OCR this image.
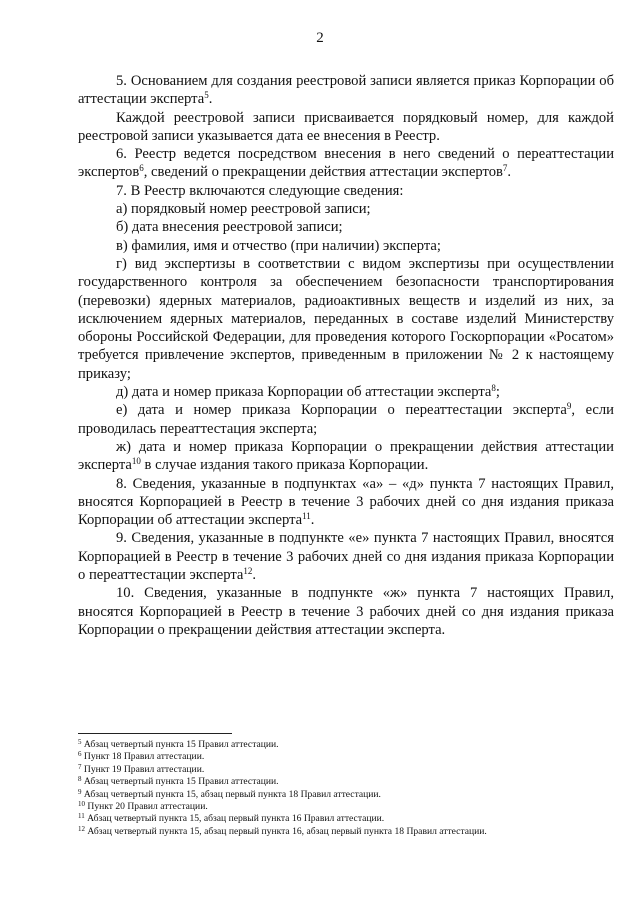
2

5. Основанием для создания реестровой записи является приказ Корпорации об аттестации эксперта$^5$.

Каждой реестровой записи присваивается порядковый номер, для каждой реестровой записи указывается дата ее внесения в Реестр.

6. Реестр ведется посредством внесения в него сведений о переаттестации экспертов$^6$, сведений о прекращении действия аттестации экспертов$^7$.

7. В Реестр включаются следующие сведения:

а) порядковый номер реестровой записи;

б) дата внесения реестровой записи;

в) фамилия, имя и отчество (при наличии) эксперта;

г) вид экспертизы в соответствии с видом экспертизы при осуществлении государственного контроля за обеспечением безопасности транспортирования (перевозки) ядерных материалов, радиоактивных веществ и изделий из них, за исключением ядерных материалов, переданных в составе изделий Министерству обороны Российской Федерации, для проведения которого Госкорпорации «Росатом» требуется привлечение экспертов, приведенным в приложении № 2 к настоящему приказу;

д) дата и номер приказа Корпорации об аттестации эксперта$^8$;

е) дата и номер приказа Корпорации о переаттестации эксперта$^9$, если проводилась переаттестация эксперта;

ж) дата и номер приказа Корпорации о прекращении действия аттестации эксперта$^{10}$ в случае издания такого приказа Корпорации.

8. Сведения, указанные в подпунктах «а» – «д» пункта 7 настоящих Правил, вносятся Корпорацией в Реестр в течение 3 рабочих дней со дня издания приказа Корпорации об аттестации эксперта$^{11}$.

9. Сведения, указанные в подпункте «е» пункта 7 настоящих Правил, вносятся Корпорацией в Реестр в течение 3 рабочих дней со дня издания приказа Корпорации о переаттестации эксперта$^{12}$.

10. Сведения, указанные в подпункте «ж» пункта 7 настоящих Правил, вносятся Корпорацией в Реестр в течение 3 рабочих дней со дня издания приказа Корпорации о прекращении действия аттестации эксперта.

$^5$ Абзац четвертый пункта 15 Правил аттестации.

$^6$ Пункт 18 Правил аттестации.

$^7$ Пункт 19 Правил аттестации.

$^8$ Абзац четвертый пункта 15 Правил аттестации.

$^9$ Абзац четвертый пункта 15, абзац первый пункта 18 Правил аттестации.

$^{10}$ Пункт 20 Правил аттестации.

$^{11}$ Абзац четвертый пункта 15, абзац первый пункта 16 Правил аттестации.

$^{12}$ Абзац четвертый пункта 15, абзац первый пункта 16, абзац первый пункта 18 Правил аттестации.
